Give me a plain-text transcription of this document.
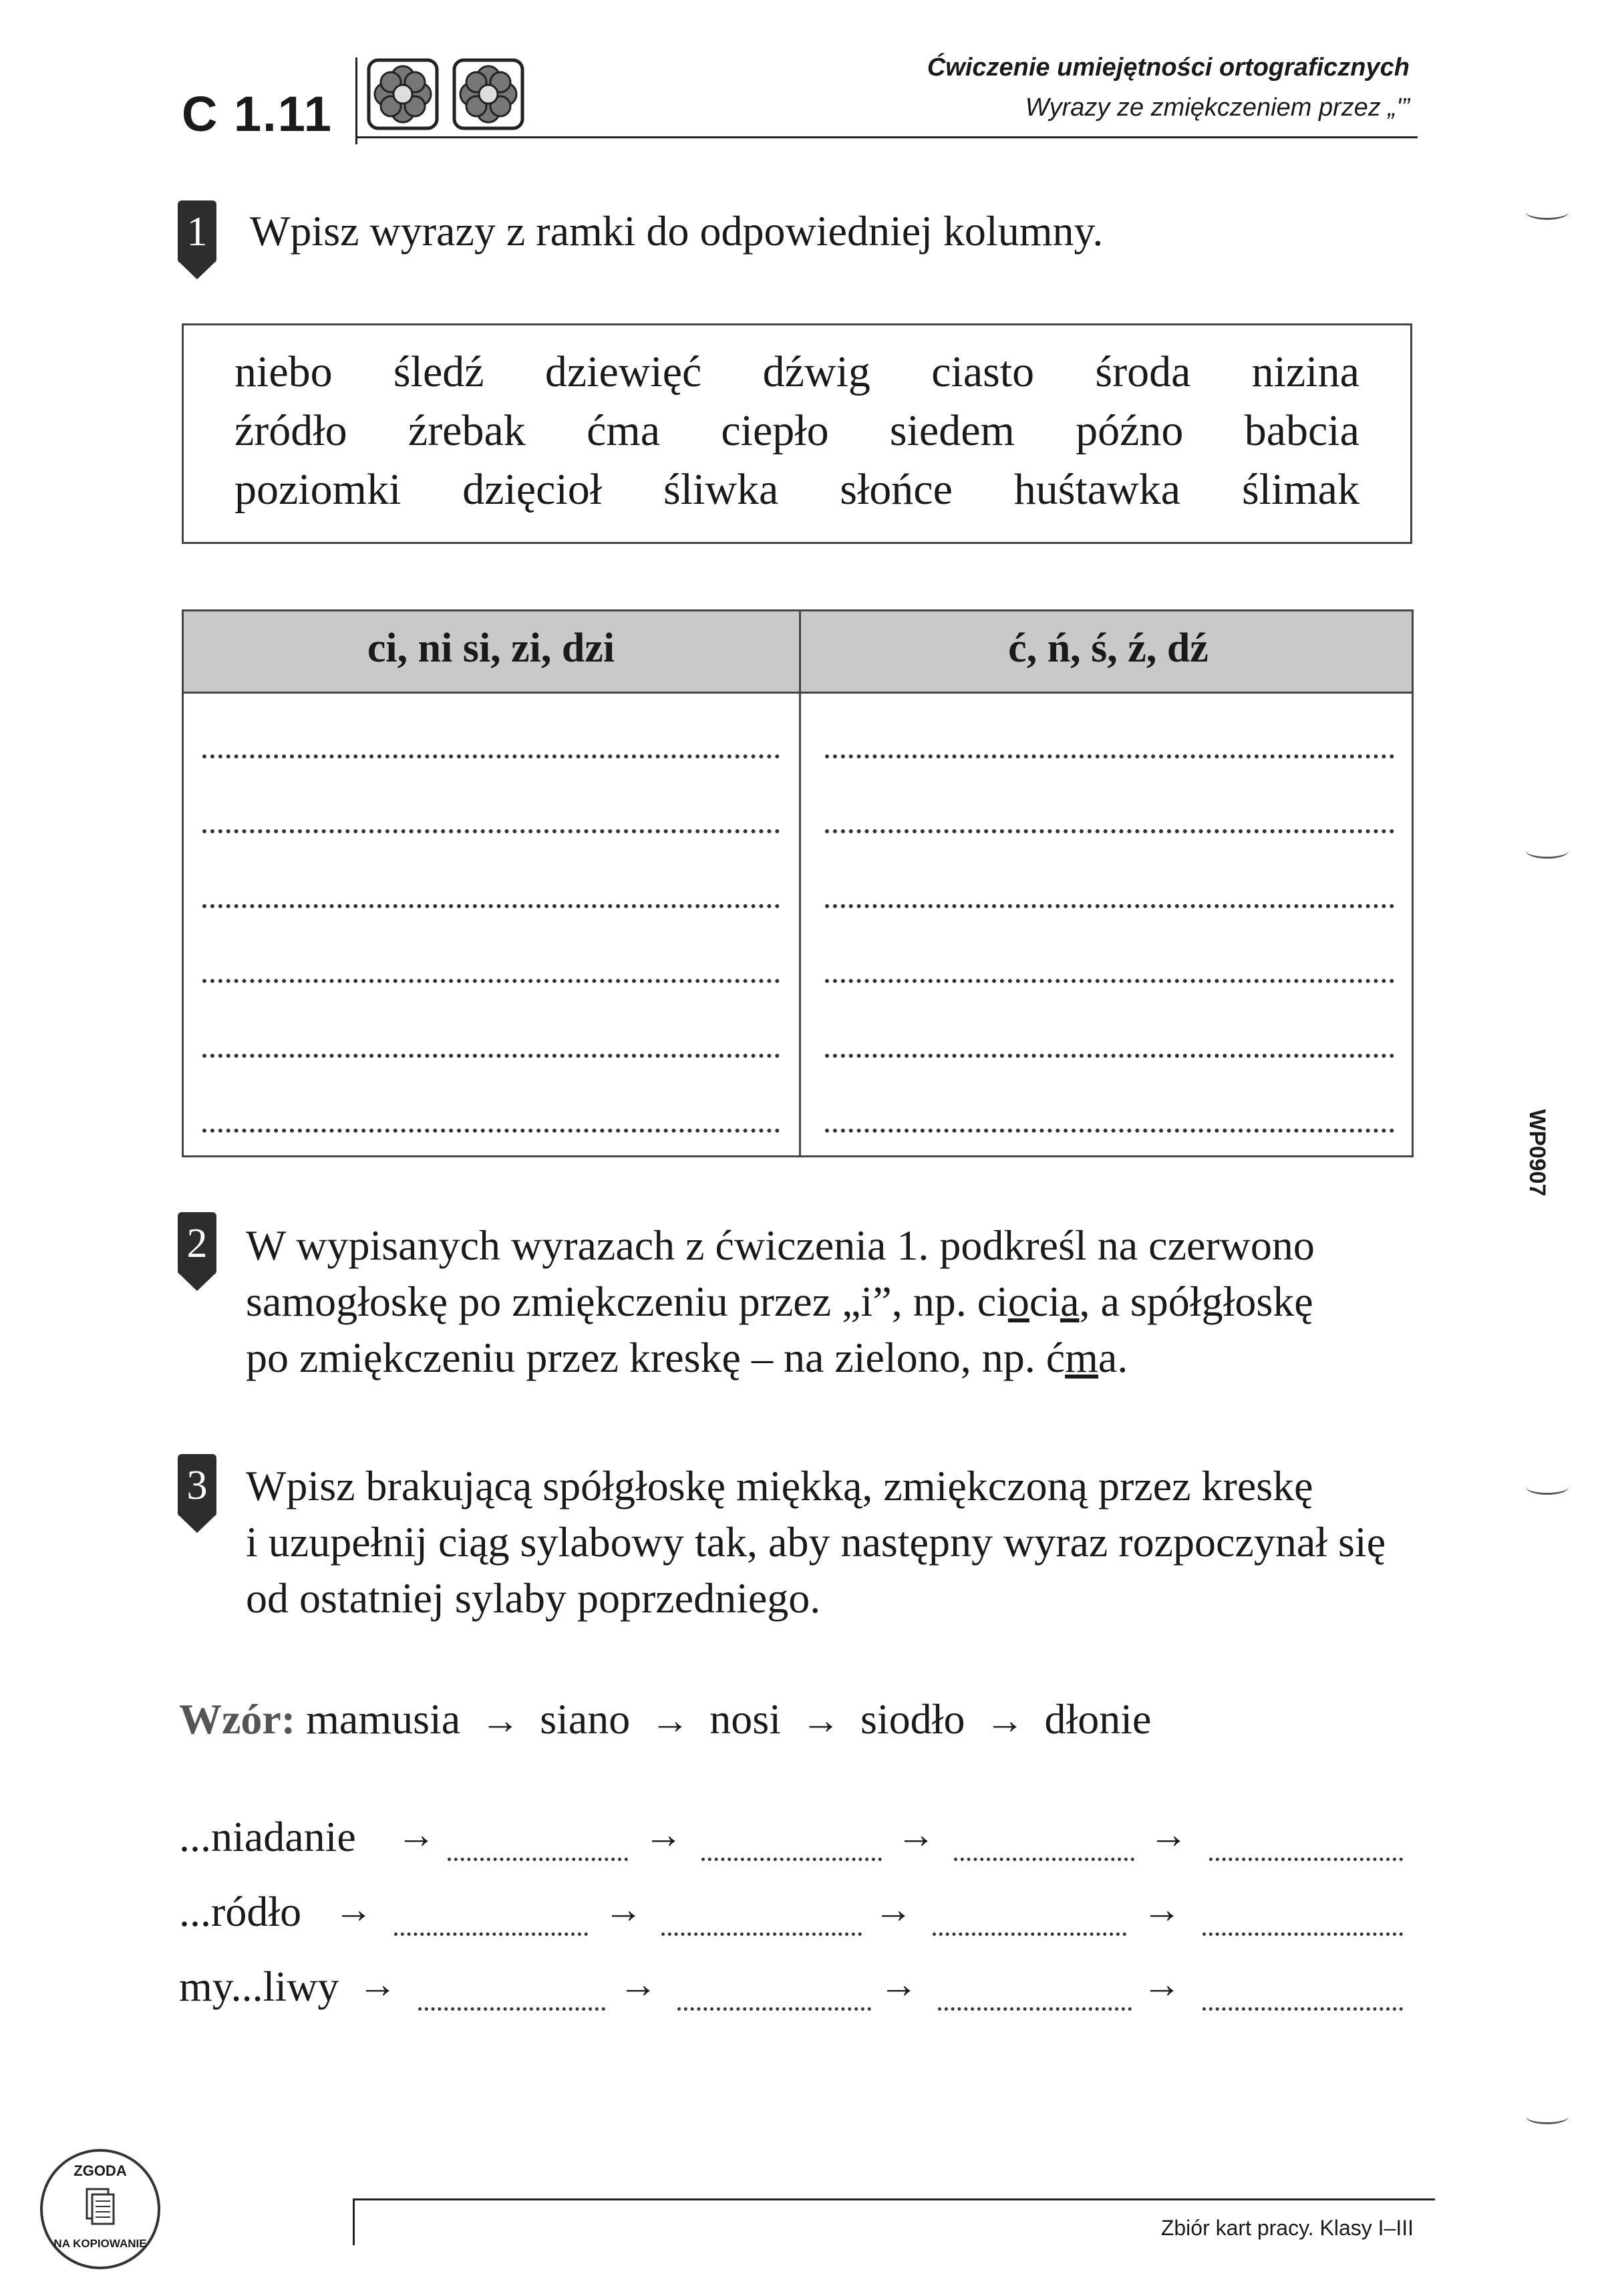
C 1.11
Ćwiczenie umiejętności ortograficznych
Wyrazy ze zmiękczeniem przez „ʹ”
1 Wpisz wyrazy z ramki do odpowiedniej kolumny.
niebo śledź dziewięć dźwig ciasto środa nizina
źródło źrebak ćma ciepło siedem późno babcia
poziomki dzięcioł śliwka słońce huśtawka ślimak
ci, ni si, zi, dzi	ć, ń, ś, ź, dź
2 W wypisanych wyrazach z ćwiczenia 1. podkreśl na czerwono
samogłoskę po zmiękczeniu przez „i”, np. ciocia, a spółgłoskę
po zmiękczeniu przez kreskę – na zielono, np. ćma.
3 Wpisz brakującą spółgłoskę miękką, zmiękczoną przez kreskę
i uzupełnij ciąg sylabowy tak, aby następny wyraz rozpoczynał się
od ostatniej sylaby poprzedniego.
Wzór: mamusia  →  siano  →  nosi  →  siodło  →  dłonie
...niadanie →	→	→	→
...ródło →	→	→	→
my...liwy →	→	→	→
WP0907
Zbiór kart pracy. Klasy I–III
ZGODA
NA KOPIOWANIE
